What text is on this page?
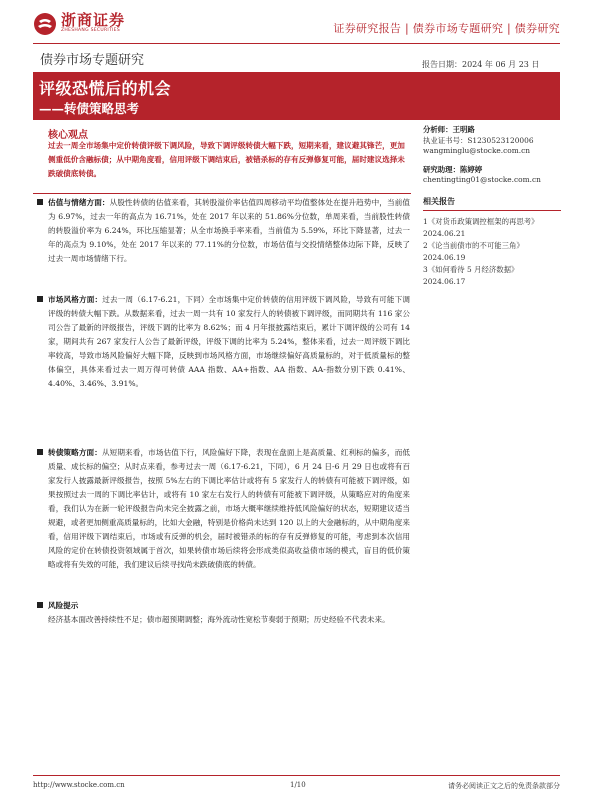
浙商证券
ZHESHANG SECURITIES	证券研究报告 | 债券市场专题研究 | 债券研究
债券市场专题研究	报告日期：2024 年 06 月 23 日
评级恐慌后的机会
——转债策略思考
核心观点
过去一周全市场集中定价转债评级下调风险，导致下调评级转债大幅下跌，短期来看，建议避其锋芒，更加侧重低价含融标债；从中期角度看，信用评级下调结束后，被错杀标的存有反弹修复可能，届时建议选择未跌破债底转债。
分析师：王明路
执业证书号：S1230523120006
wangminglu@stocke.com.cn
研究助理：陈婷婷
chentingting01@stocke.com.cn
相关报告
1《对货币政策调控框架的再思考》
2024.06.21
2《论当前债市的不可能三角》
2024.06.19
3《如何看待 5 月经济数据》
2024.06.17
估值与情绪方面：从股性转债的估值来看，其转股溢价率估值四周移动平均值整体处在提升趋势中，当前值为 6.97%，过去一年的高点为 16.71%，处在 2017 年以来的 51.86%分位数，单周来看，当前股性转债的转股溢价率为 6.24%，环比压缩显著；从全市场换手率来看，当前值为 5.59%，环比下降显著，过去一年的高点为 9.10%，处在 2017 年以来的 77.11%的分位数，市场估值与交投情绪整体边际下降，反映了过去一周市场情绪下行。
市场风格方面：过去一周（6.17-6.21，下同）全市场集中定价转债的信用评级下调风险，导致有可能下调评级的转债大幅下跌。从数据来看，过去一周一共有 10 家发行人的转债被下调评级，而同期共有 116 家公司公告了最新的评级报告，评级下调的比率为 8.62%；而 4 月年报披露结束后，累计下调评级的公司有 14 家，期间共有 267 家发行人公告了最新评级，评级下调的比率为 5.24%，整体来看，过去一周评级下调比率较高，导致市场风险偏好大幅下降，反映到市场风格方面，市场继续偏好高质量标的，对于低质量标的整体偏空，具体来看过去一周万得可转债 AAA 指数、AA+指数、AA 指数、AA-指数分别下跌 0.41%、4.40%、3.46%、3.91%。
转债策略方面：从短期来看，市场估值下行，风险偏好下降，表现在盘面上是高质量、红利标的偏多，而低质量、成长标的偏空；从时点来看，参考过去一周（6.17-6.21，下同），6 月 24 日-6 月 29 日也或将有百家发行人披露最新评级报告，按照 5%左右的下调比率估计或将有 5 家发行人的转债有可能被下调评级，如果按照过去一周的下调比率估计，或将有 10 家左右发行人的转债有可能被下调评级，从策略应对的角度来看，我们认为在新一轮评级报告尚未完全披露之前，市场大概率继续维持低风险偏好的状态，短期建议适当规避，或者更加侧重高质量标的，比如大金融，特别是价格尚未达到 120 以上的大金融标的，从中期角度来看，信用评级下调结束后，市场或有反弹的机会，届时被错杀的标的存有反弹修复的可能，考虑到本次信用风险的定价在转债投资领域属于首次，如果转债市场后续将会形成类似高收益债市场的模式，盲目的低价策略或将有失效的可能，我们建议后续寻找尚未跌破债底的转债。
风险提示
经济基本面改善持续性不足；债市超预期调整；海外流动性宽松节奏弱于预期；历史经验不代表未来。
http://www.stocke.com.cn	1/10	请务必阅读正文之后的免责条款部分
